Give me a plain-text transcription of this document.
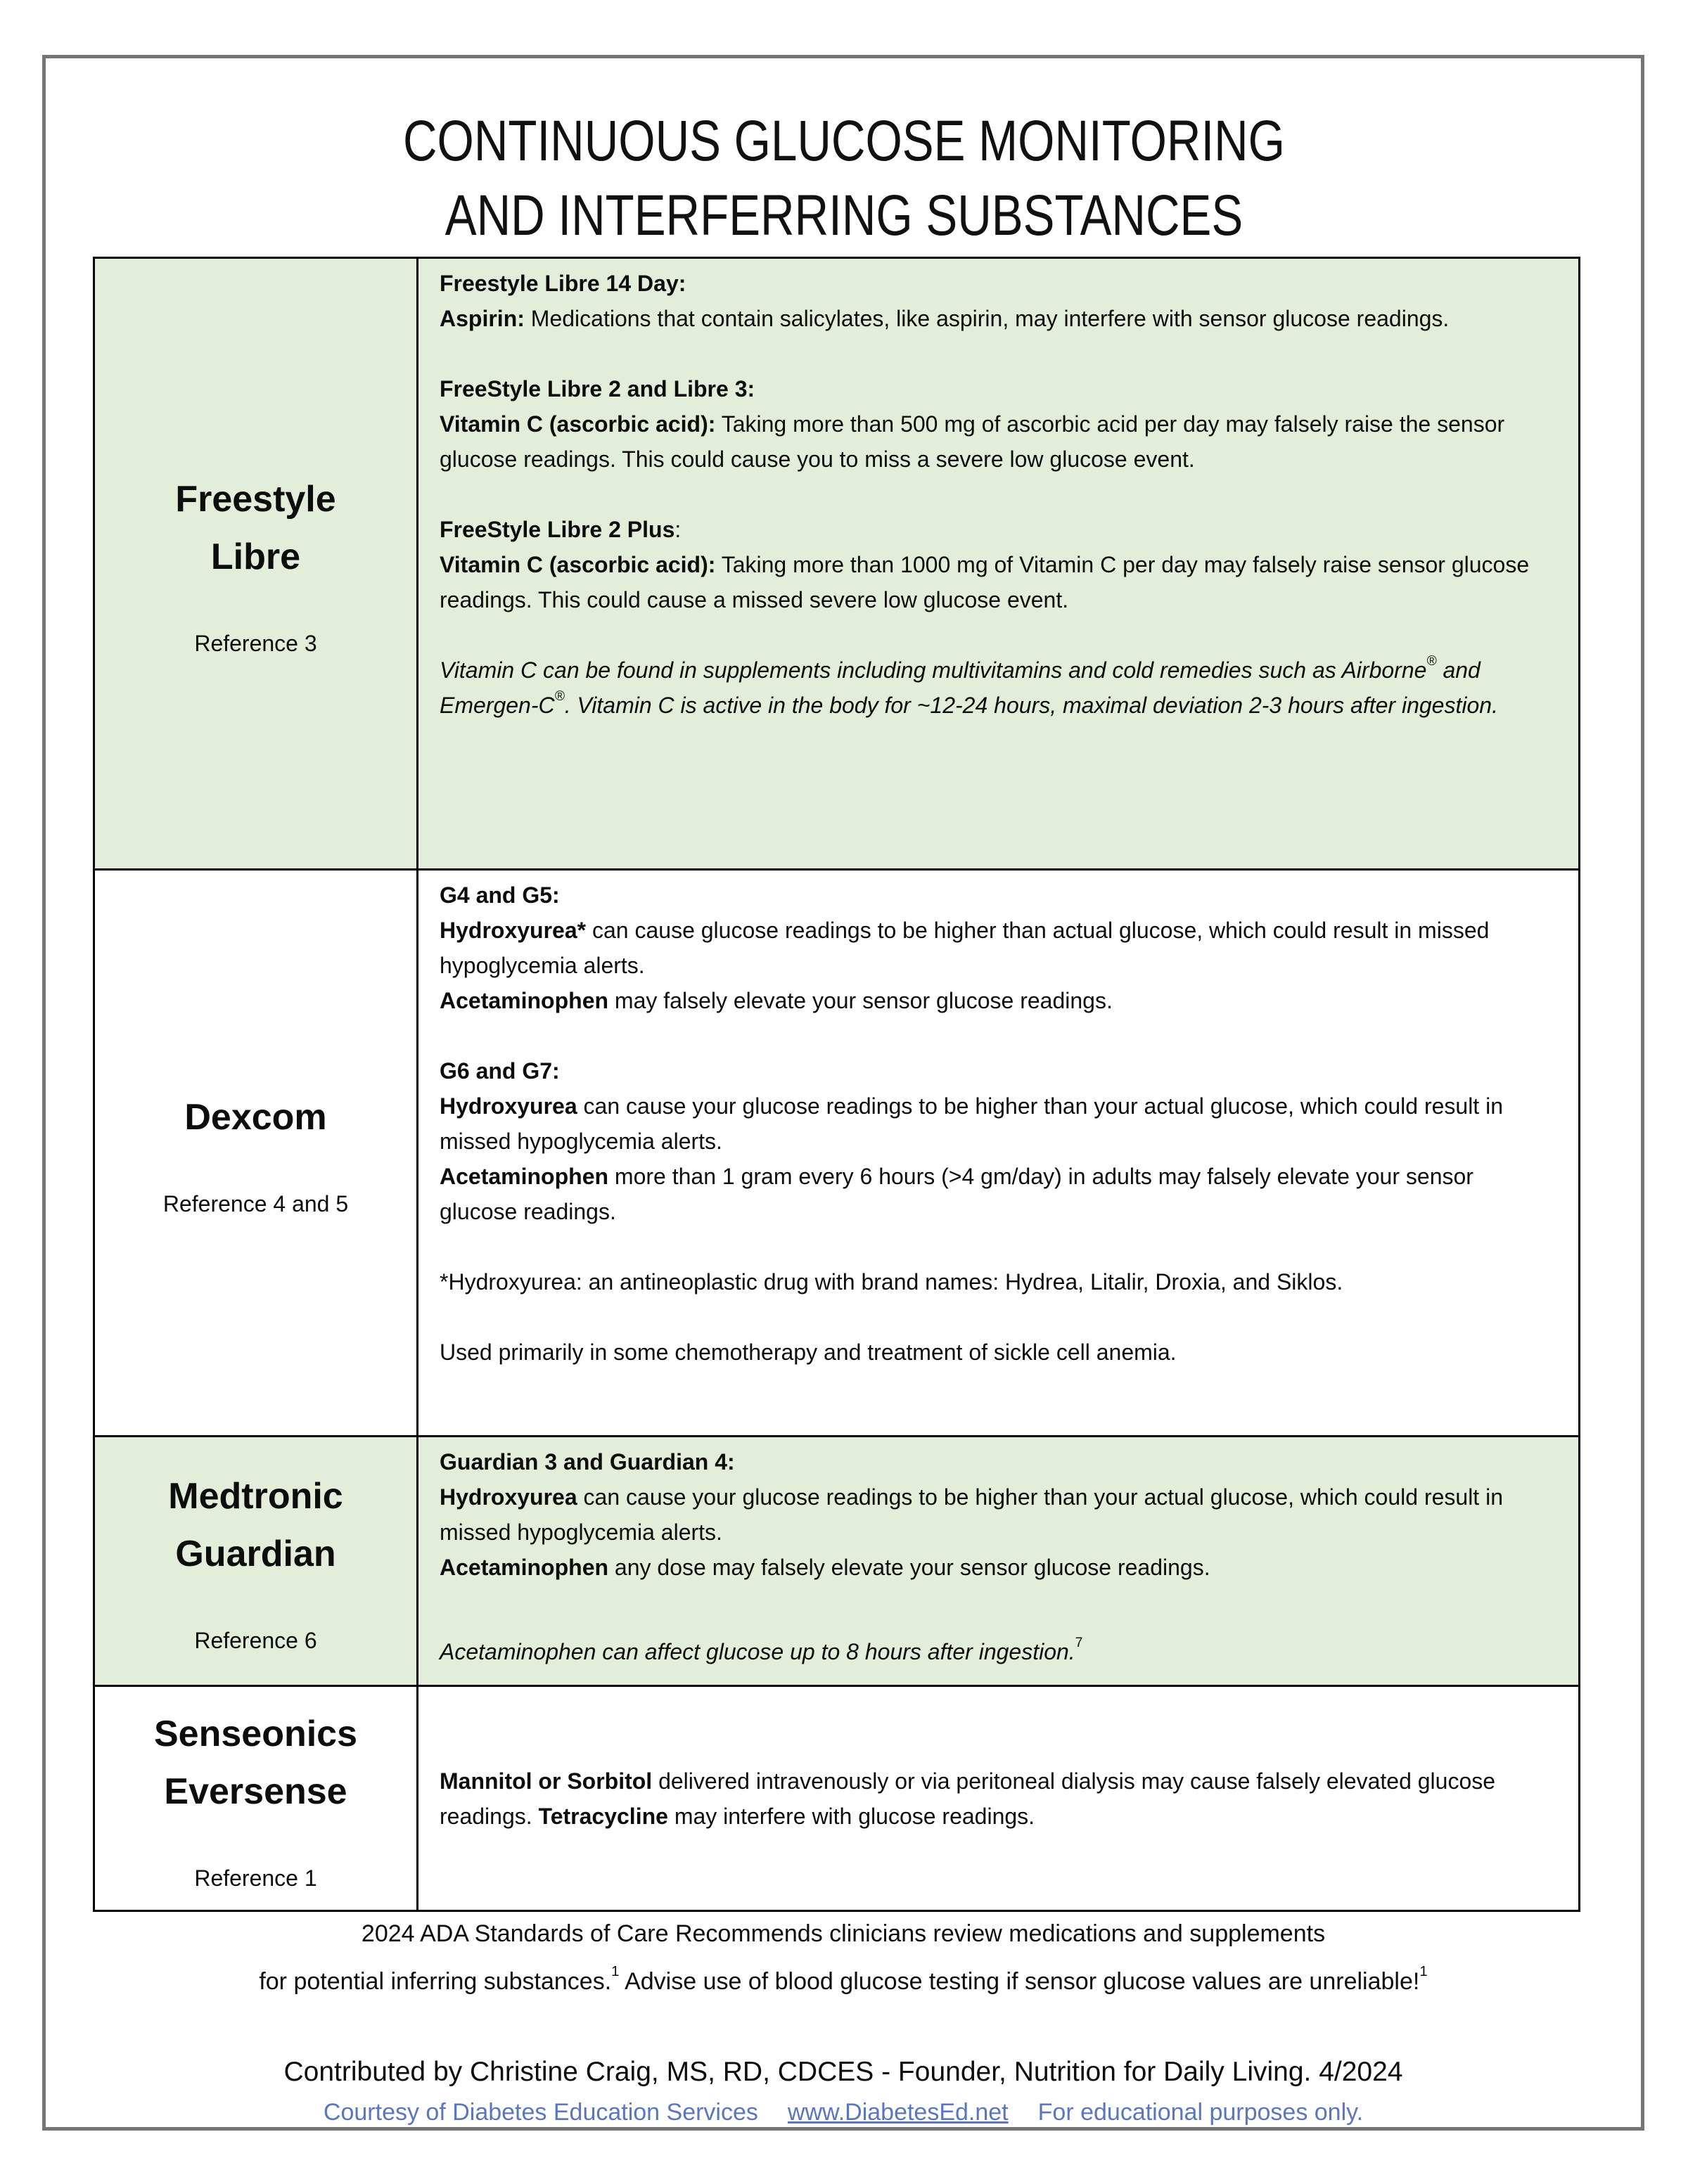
CONTINUOUS GLUCOSE MONITORING
AND INTERFERRING SUBSTANCES
Freestyle
Libre
Reference 3

Freestyle Libre 14 Day:

Aspirin: Medications that contain salicylates, like aspirin, may interfere with sensor glucose readings.

FreeStyle Libre 2 and Libre 3:

Vitamin C (ascorbic acid): Taking more than 500 mg of ascorbic acid per day may falsely raise the sensor glucose readings. This could cause you to miss a severe low glucose event.

FreeStyle Libre 2 Plus:

Vitamin C (ascorbic acid): Taking more than 1000 mg of Vitamin C per day may falsely raise sensor glucose readings. This could cause a missed severe low glucose event.

Vitamin C can be found in supplements including multivitamins and cold remedies such as Airborne® and Emergen-C®. Vitamin C is active in the body for ~12-24 hours, maximal deviation 2-3 hours after ingestion.

Dexcom
Reference 4 and 5

G4 and G5:

Hydroxyurea* can cause glucose readings to be higher than actual glucose, which could result in missed hypoglycemia alerts.

Acetaminophen may falsely elevate your sensor glucose readings.

G6 and G7:

Hydroxyurea can cause your glucose readings to be higher than your actual glucose, which could result in missed hypoglycemia alerts.

Acetaminophen more than 1 gram every 6 hours (>4 gm/day) in adults may falsely elevate your sensor glucose readings.

*Hydroxyurea: an antineoplastic drug with brand names: Hydrea, Litalir, Droxia, and Siklos.

Used primarily in some chemotherapy and treatment of sickle cell anemia.

Medtronic
Guardian
Reference 6

Guardian 3 and Guardian 4:

Hydroxyurea can cause your glucose readings to be higher than your actual glucose, which could result in missed hypoglycemia alerts.

Acetaminophen any dose may falsely elevate your sensor glucose readings.

Acetaminophen can affect glucose up to 8 hours after ingestion.$^7$

Senseonics
Eversense
Reference 1

Mannitol or Sorbitol delivered intravenously or via peritoneal dialysis may cause falsely elevated glucose readings. Tetracycline may interfere with glucose readings.

2024 ADA Standards of Care Recommends clinicians review medications and supplements
for potential inferring substances.$^1$ Advise use of blood glucose testing if sensor glucose values are unreliable!$^1$
Contributed by Christine Craig, MS, RD, CDCES - Founder, Nutrition for Daily Living. 4/2024
Courtesy of Diabetes Education Services www.DiabetesEd.net For educational purposes only.
